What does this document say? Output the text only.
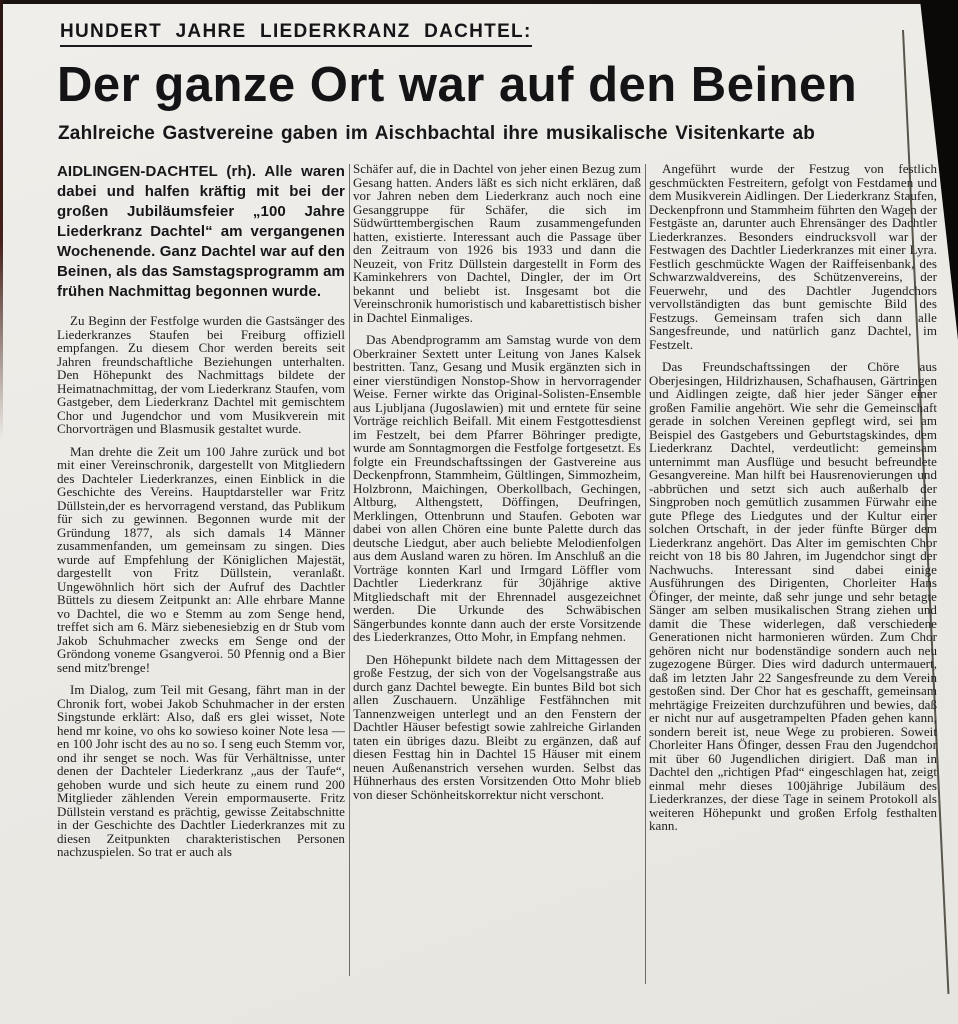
HUNDERT JAHRE LIEDERKRANZ DACHTEL:
Der ganze Ort war auf den Beinen
Zahlreiche Gastvereine gaben im Aischbachtal ihre musikalische Visitenkarte ab

AIDLINGEN-DACHTEL (rh). Alle waren dabei und halfen kräftig mit bei der großen Jubiläumsfeier „100 Jahre Liederkranz Dachtel“ am vergangenen Wochenende. Ganz Dachtel war auf den Beinen, als das Samstagsprogramm am frühen Nachmittag begonnen wurde.

Zu Beginn der Festfolge wurden die Gastsänger des Liederkranzes Staufen bei Freiburg offiziell empfangen. Zu diesem Chor werden bereits seit Jahren freundschaftliche Beziehungen unterhalten. Den Höhepunkt des Nachmittags bildete der Heimatnachmittag, der vom Liederkranz Staufen, vom Gastgeber, dem Liederkranz Dachtel mit gemischtem Chor und Jugendchor und vom Musikverein mit Chorvorträgen und Blasmusik gestaltet wurde.

Man drehte die Zeit um 100 Jahre zurück und bot mit einer Vereinschronik, dargestellt von Mitgliedern des Dachteler Liederkranzes, einen Einblick in die Geschichte des Vereins. Hauptdarsteller war Fritz Düllstein,der es hervorragend verstand, das Publikum für sich zu gewinnen. Begonnen wurde mit der Gründung 1877, als sich damals 14 Männer zusammenfanden, um gemeinsam zu singen. Dies wurde auf Empfehlung der Königlichen Majestät, dargestellt von Fritz Düllstein, veranlaßt. Ungewöhnlich hört sich der Aufruf des Dachtler Büttels zu diesem Zeitpunkt an: Alle ehrbare Manne vo Dachtel, die wo e Stemm au zom Senge hend, treffet sich am 6. März siebenesiebzig en dr Stub vom Jakob Schuhmacher zwecks em Senge ond der Gröndong voneme Gsangveroi. 50 Pfennig ond a Bier send mitz'brenge!

Im Dialog, zum Teil mit Gesang, fährt man in der Chronik fort, wobei Jakob Schuhmacher in der ersten Singstunde erklärt: Also, daß ers glei wisset, Note hend mr koine, vo ohs ko sowieso koiner Note lesa — en 100 Johr ischt des au no so. I seng euch Stemm vor, ond ihr senget se noch. Was für Verhältnisse, unter denen der Dachteler Liederkranz „aus der Taufe“, gehoben wurde und sich heute zu einem rund 200 Mitglieder zählenden Verein empormauserte. Fritz Düllstein verstand es prächtig, gewisse Zeitabschnitte in der Geschichte des Dachtler Liederkranzes mit zu diesen Zeitpunkten charakteristischen Personen nachzuspielen. So trat er auch als

Schäfer auf, die in Dachtel von jeher einen Bezug zum Gesang hatten. Anders läßt es sich nicht erklären, daß vor Jahren neben dem Liederkranz auch noch eine Gesanggruppe für Schäfer, die sich im Südwürttembergischen Raum zusammengefunden hatten, existierte. Interessant auch die Passage über den Zeitraum von 1926 bis 1933 und dann die Neuzeit, von Fritz Düllstein dargestellt in Form des Kaminkehrers von Dachtel, Dingler, der im Ort bekannt und beliebt ist. Insgesamt bot die Vereinschronik humoristisch und kabarettistisch bisher in Dachtel Einmaliges.

Das Abendprogramm am Samstag wurde von dem Oberkrainer Sextett unter Leitung von Janes Kalsek bestritten. Tanz, Gesang und Musik ergänzten sich in einer vierstündigen Nonstop-Show in hervorragender Weise. Ferner wirkte das Original-Solisten-Ensemble aus Ljubljana (Jugoslawien) mit und erntete für seine Vorträge reichlich Beifall. Mit einem Festgottesdienst im Festzelt, bei dem Pfarrer Böhringer predigte, wurde am Sonntagmorgen die Festfolge fortgesetzt. Es folgte ein Freundschaftssingen der Gastvereine aus Deckenpfronn, Stammheim, Gültlingen, Simmozheim, Holzbronn, Maichingen, Oberkollbach, Gechingen, Altburg, Althengstett, Döffingen, Deufringen, Merklingen, Ottenbrunn und Staufen. Geboten war dabei von allen Chören eine bunte Palette durch das deutsche Liedgut, aber auch beliebte Melodienfolgen aus dem Ausland waren zu hören. Im Anschluß an die Vorträge konnten Karl und Irmgard Löffler vom Dachtler Liederkranz für 30jährige aktive Mitgliedschaft mit der Ehrennadel ausgezeichnet werden. Die Urkunde des Schwäbischen Sängerbundes konnte dann auch der erste Vorsitzende des Liederkranzes, Otto Mohr, in Empfang nehmen.

Den Höhepunkt bildete nach dem Mittagessen der große Festzug, der sich von der Vogelsangstraße aus durch ganz Dachtel bewegte. Ein buntes Bild bot sich allen Zuschauern. Unzählige Festfähnchen mit Tannenzweigen unterlegt und an den Fenstern der Dachtler Häuser befestigt sowie zahlreiche Girlanden taten ein übriges dazu. Bleibt zu ergänzen, daß auf diesen Festtag hin in Dachtel 15 Häuser mit einem neuen Außenanstrich versehen wurden. Selbst das Hühnerhaus des ersten Vorsitzenden Otto Mohr blieb von dieser Schönheitskorrektur nicht verschont.

Angeführt wurde der Festzug von festlich geschmückten Festreitern, gefolgt von Festdamen und dem Musikverein Aidlingen. Der Liederkranz Staufen, Deckenpfronn und Stammheim führten den Wagen der Festgäste an, darunter auch Ehrensänger des Dachtler Liederkranzes. Besonders eindrucksvoll war der Festwagen des Dachtler Liederkranzes mit einer Lyra. Festlich geschmückte Wagen der Raiffeisenbank, des Schwarzwaldvereins, des Schützenvereins, der Feuerwehr, und des Dachtler Jugendchors vervollständigten das bunt gemischte Bild des Festzugs. Gemeinsam trafen sich dann alle Sangesfreunde, und natürlich ganz Dachtel, im Festzelt.

Das Freundschaftssingen der Chöre aus Oberjesingen, Hildrizhausen, Schafhausen, Gärtringen und Aidlingen zeigte, daß hier jeder Sänger einer großen Familie angehört. Wie sehr die Gemeinschaft gerade in solchen Vereinen gepflegt wird, sei am Beispiel des Gastgebers und Geburtstagskindes, dem Liederkranz Dachtel, verdeutlicht: gemeinsam unternimmt man Ausflüge und besucht befreundete Gesangvereine. Man hilft bei Hausrenovierungen und -abbrüchen und setzt sich auch außerhalb der Singproben noch gemütlich zusammen Fürwahr eine gute Pflege des Liedgutes und der Kultur einer solchen Ortschaft, in der jeder fünfte Bürger dem Liederkranz angehört. Das Alter im gemischten Chor reicht von 18 bis 80 Jahren, im Jugendchor singt der Nachwuchs. Interessant sind dabei einige Ausführungen des Dirigenten, Chorleiter Hans Öfinger, der meinte, daß sehr junge und sehr betagte Sänger am selben musikalischen Strang ziehen und damit die These widerlegen, daß verschiedene Generationen nicht harmonieren würden. Zum Chor gehören nicht nur bodenständige sondern auch neu zugezogene Bürger. Dies wird dadurch untermauert, daß im letzten Jahr 22 Sangesfreunde zu dem Verein gestoßen sind. Der Chor hat es geschafft, gemeinsam mehrtägige Freizeiten durchzuführen und bewies, daß er nicht nur auf ausgetrampelten Pfaden gehen kann, sondern bereit ist, neue Wege zu probieren. Soweit Chorleiter Hans Öfinger, dessen Frau den Jugendchor mit über 60 Jugendlichen dirigiert. Daß man in Dachtel den „richtigen Pfad“ eingeschlagen hat, zeigt einmal mehr dieses 100jährige Jubiläum des Liederkranzes, der diese Tage in seinem Protokoll als weiteren Höhepunkt und großen Erfolg festhalten kann.
